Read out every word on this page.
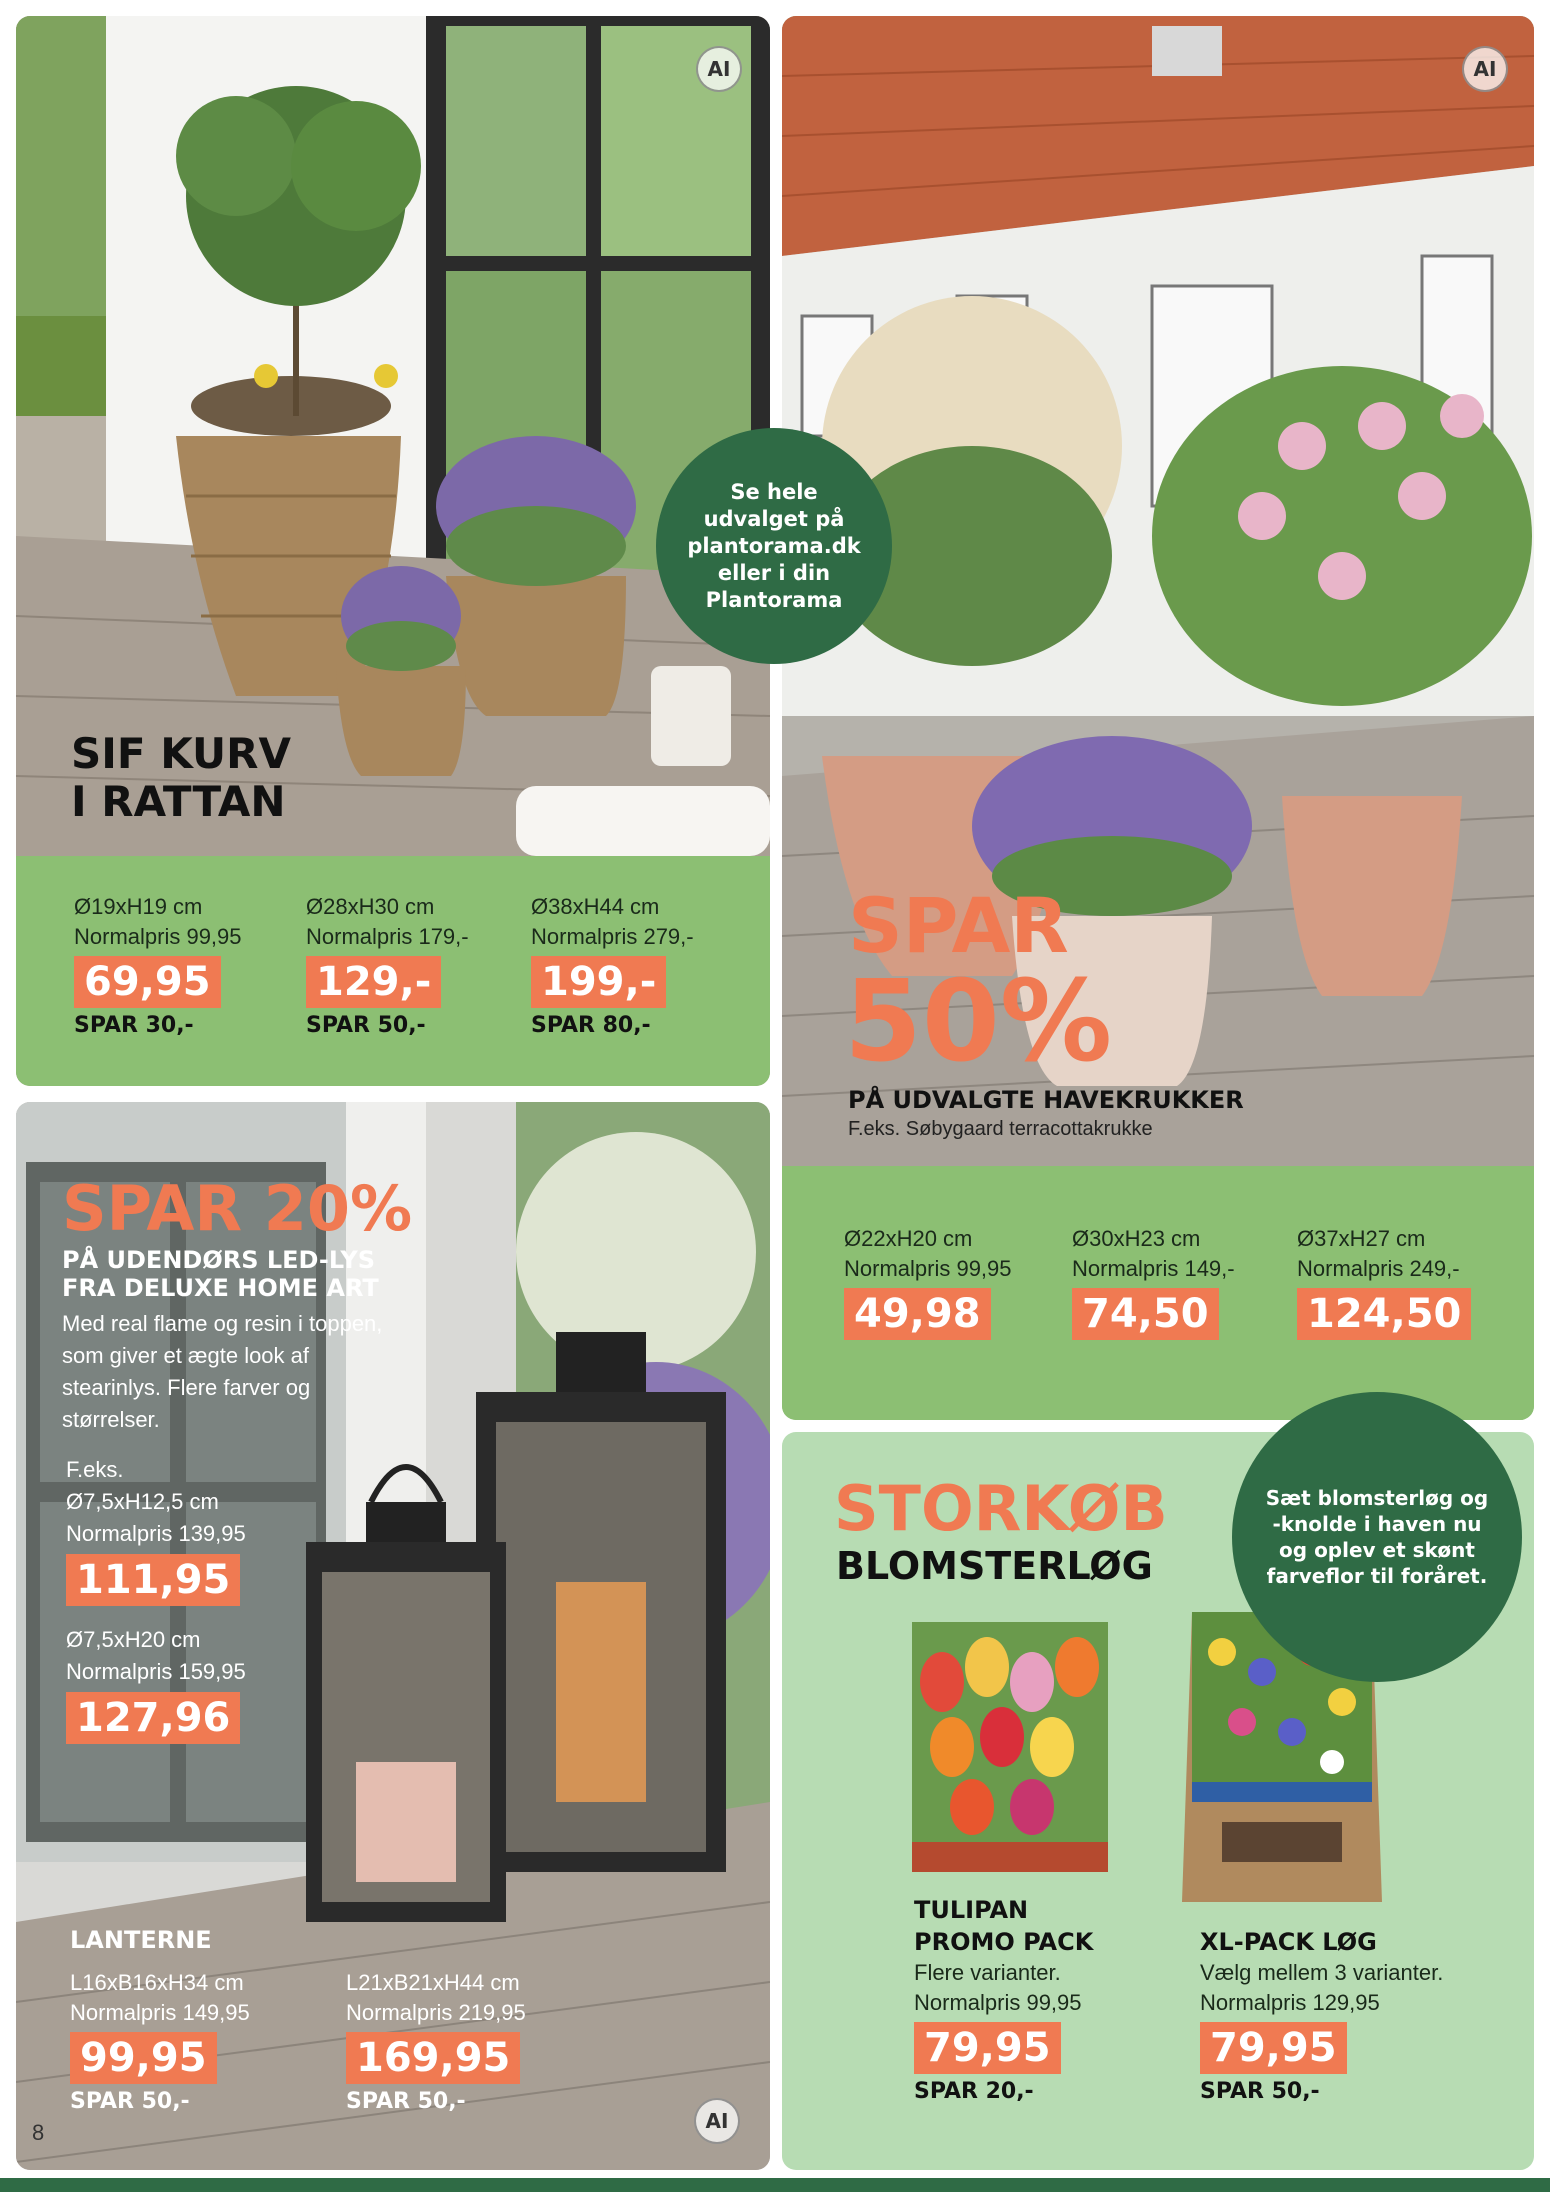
SIF KURV
I RATTAN
AI
Ø19xH19 cm
Normalpris 99,95
69,95
SPAR 30,-
Ø28xH30 cm
Normalpris 179,-
129,-
SPAR 50,-
Ø38xH44 cm
Normalpris 279,-
199,-
SPAR 80,-
SPAR
50%
PÅ UDVALGTE HAVEKRUKKER
F.eks. Søbygaard terracottakrukke
AI
Ø22xH20 cm
Normalpris 99,95
49,98
Ø30xH23 cm
Normalpris 149,-
74,50
Ø37xH27 cm
Normalpris 249,-
124,50
Se hele
udvalget på
plantorama.dk
eller i din
Plantorama
SPAR 20%
PÅ UDENDØRS LED-LYS
FRA DELUXE HOME ART
Med real flame og resin i toppen,
som giver et ægte look af
stearinlys. Flere farver og
størrelser.
F.eks.
Ø7,5xH12,5 cm
Normalpris 139,95
111,95
Ø7,5xH20 cm
Normalpris 159,95
127,96
LANTERNE
L16xB16xH34 cm
Normalpris 149,95
99,95
SPAR 50,-
L21xB21xH44 cm
Normalpris 219,95
169,95
SPAR 50,-
AI
8
STORKØB
BLOMSTERLØG
TULIPAN
PROMO PACK
Flere varianter.
Normalpris 99,95
79,95
SPAR 20,-
XL-PACK LØG
Vælg mellem 3 varianter.
Normalpris 129,95
79,95
SPAR 50,-
Sæt blomsterløg og
-knolde i haven nu
og oplev et skønt
farveflor til foråret.
